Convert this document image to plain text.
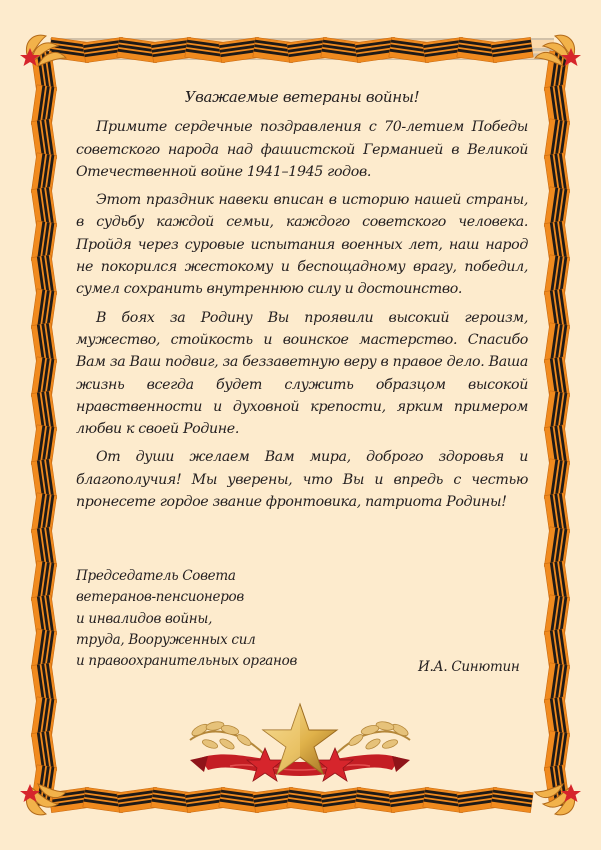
Уважаемые ветераны войны!

Примите сердечные поздравления с 70-летием Победы советского народа над фашистской Германией в Великой Отечественной войне 1941–1945 годов.

Этот праздник навеки вписан в историю нашей страны, в судьбу каждой семьи, каждого советского человека. Пройдя через суровые испытания военных лет, наш народ не покорился жестокому и беспощадному врагу, победил, сумел сохранить внутреннюю силу и достоинство.

В боях за Родину Вы проявили высокий героизм, мужество, стойкость и воинское мастерство. Спасибо Вам за Ваш подвиг, за беззаветную веру в правое дело. Ваша жизнь всегда будет служить образцом высокой нравственности и духовной крепости, ярким примером любви к своей Родине.

От души желаем Вам мира, доброго здоровья и благополучия! Мы уверены, что Вы и впредь с честью пронесете гордое звание фронтовика, патриота Родины!

Председатель Совета
ветеранов-пенсионеров
и инвалидов войны,
труда, Вооруженных сил
и правоохранительных органов	И.А. Синютин
